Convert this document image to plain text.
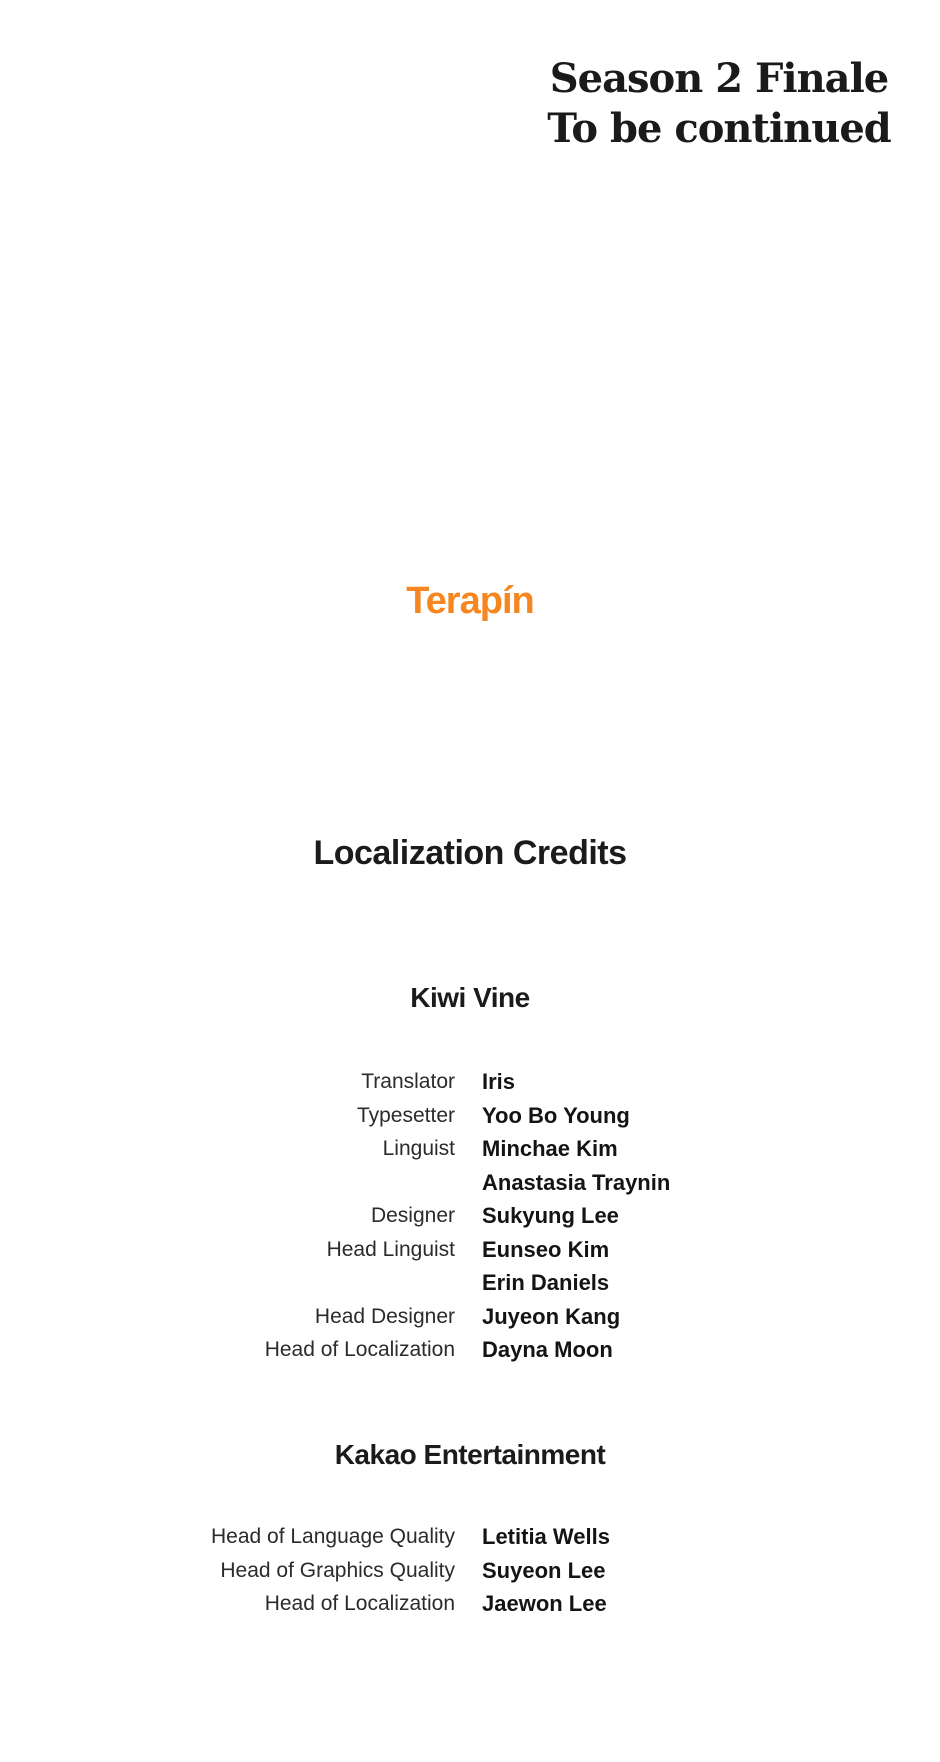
Season 2 Finale
To be continued
Terapín
Localization Credits
Kiwi Vine
Translator Iris
Typesetter Yoo Bo Young
Linguist Minchae Kim
Anastasia Traynin
Designer Sukyung Lee
Head Linguist Eunseo Kim
Erin Daniels
Head Designer Juyeon Kang
Head of Localization Dayna Moon
Kakao Entertainment
Head of Language Quality Letitia Wells
Head of Graphics Quality Suyeon Lee
Head of Localization Jaewon Lee
